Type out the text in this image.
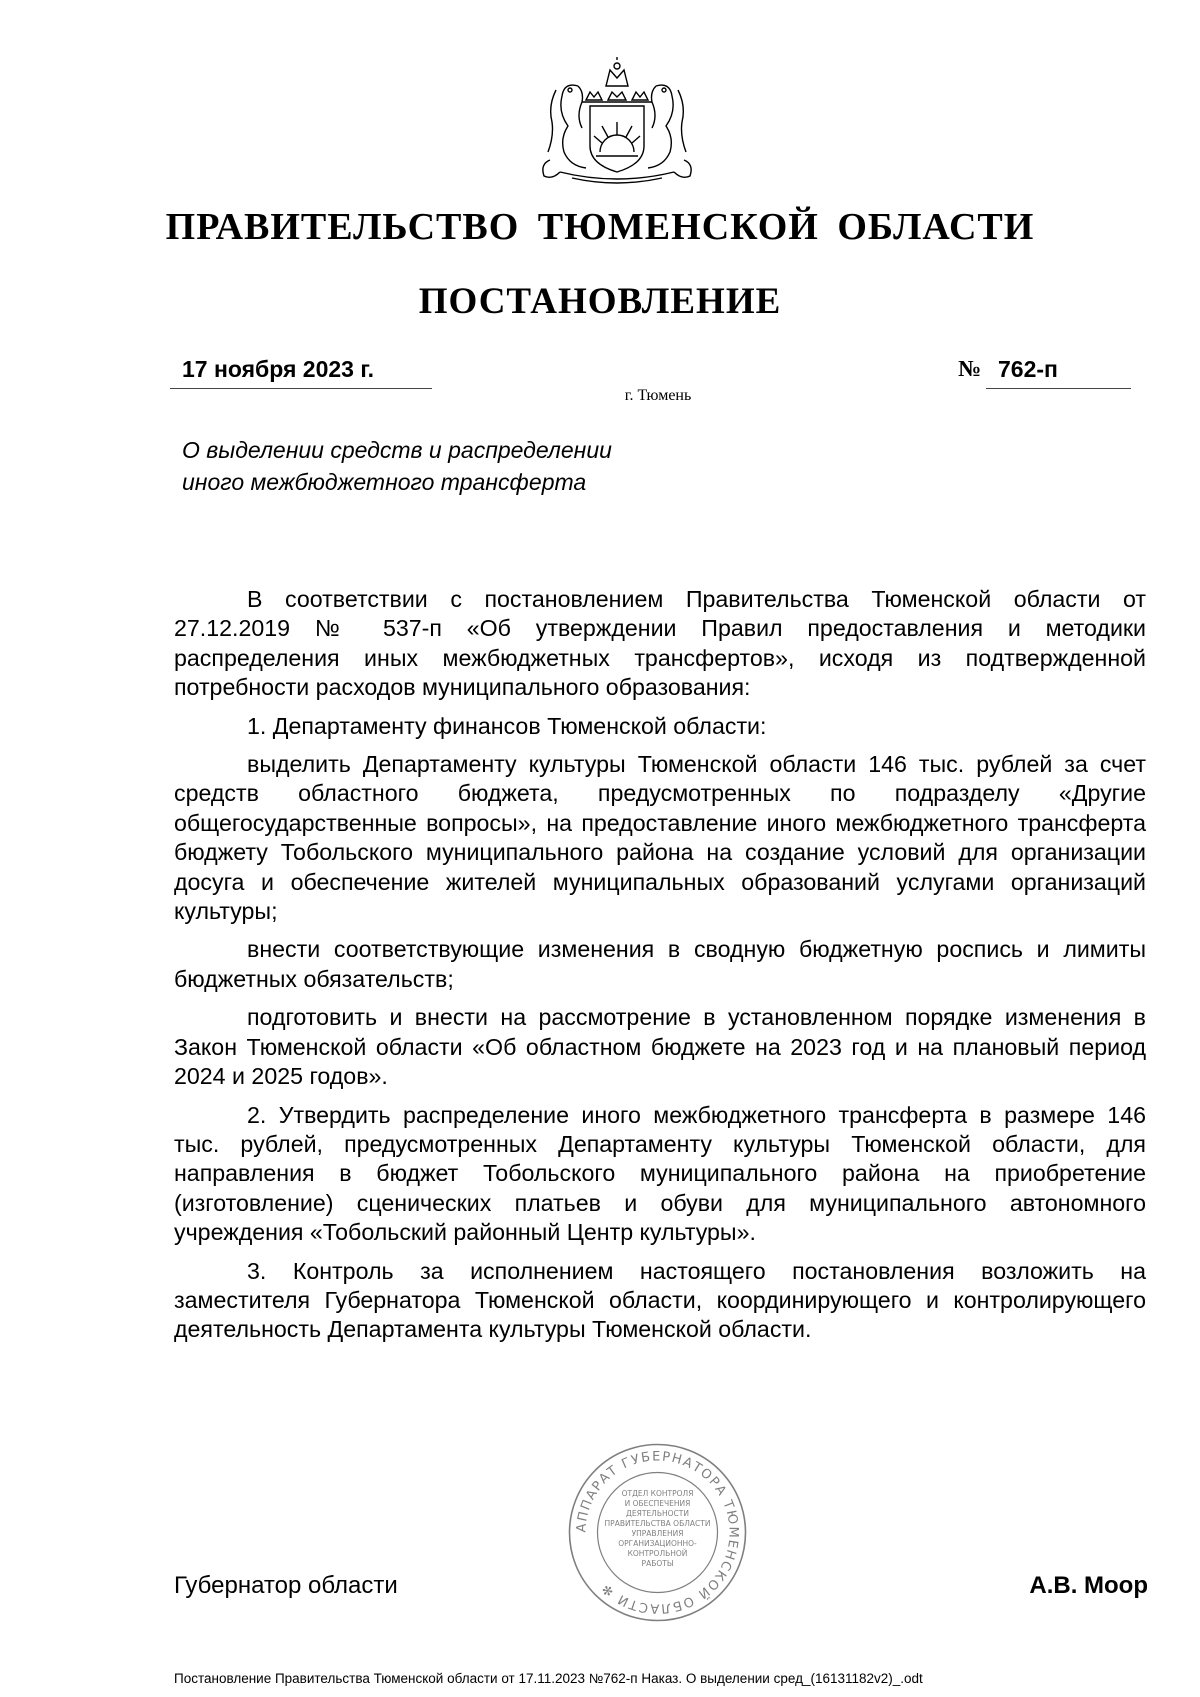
ПРАВИТЕЛЬСТВО ТЮМЕНСКОЙ ОБЛАСТИ
ПОСТАНОВЛЕНИЕ
17 ноября 2023 г.	№ 762-п
г. Тюмень
О выделении средств и распределении
иного межбюджетного трансферта

В соответствии с постановлением Правительства Тюменской области от 27.12.2019 № 537-п «Об утверждении Правил предоставления и методики распределения иных межбюджетных трансфертов», исходя из подтвержденной потребности расходов муниципального образования:

1. Департаменту финансов Тюменской области:

выделить Департаменту культуры Тюменской области 146 тыс. рублей за счет средств областного бюджета, предусмотренных по подразделу «Другие общегосударственные вопросы», на предоставление иного межбюджетного трансферта бюджету Тобольского муниципального района на создание условий для организации досуга и обеспечение жителей муниципальных образований услугами организаций культуры;

внести соответствующие изменения в сводную бюджетную роспись и лимиты бюджетных обязательств;

подготовить и внести на рассмотрение в установленном порядке изменения в Закон Тюменской области «Об областном бюджете на 2023 год и на плановый период 2024 и 2025 годов».

2. Утвердить распределение иного межбюджетного трансферта в размере 146 тыс. рублей, предусмотренных Департаменту культуры Тюменской области, для направления в бюджет Тобольского муниципального района на приобретение (изготовление) сценических платьев и обуви для муниципального автономного учреждения «Тобольский районный Центр культуры».

3. Контроль за исполнением настоящего постановления возложить на заместителя Губернатора Тюменской области, координирующего и контролирующего деятельность Департамента культуры Тюменской области.

АППАРАТ ГУБЕРНАТОРА ТЮМЕНСКОЙ ОБЛАСТИ ✻
ОТДЕЛ КОНТРОЛЯ
И ОБЕСПЕЧЕНИЯ
ДЕЯТЕЛЬНОСТИ
ПРАВИТЕЛЬСТВА ОБЛАСТИ
УПРАВЛЕНИЯ
ОРГАНИЗАЦИОННО-
КОНТРОЛЬНОЙ
РАБОТЫ
Губернатор области	А.В. Моор
Постановление Правительства Тюменской области от 17.11.2023 №762-п Наказ. О выделении сред_(16131182v2)_.odt
